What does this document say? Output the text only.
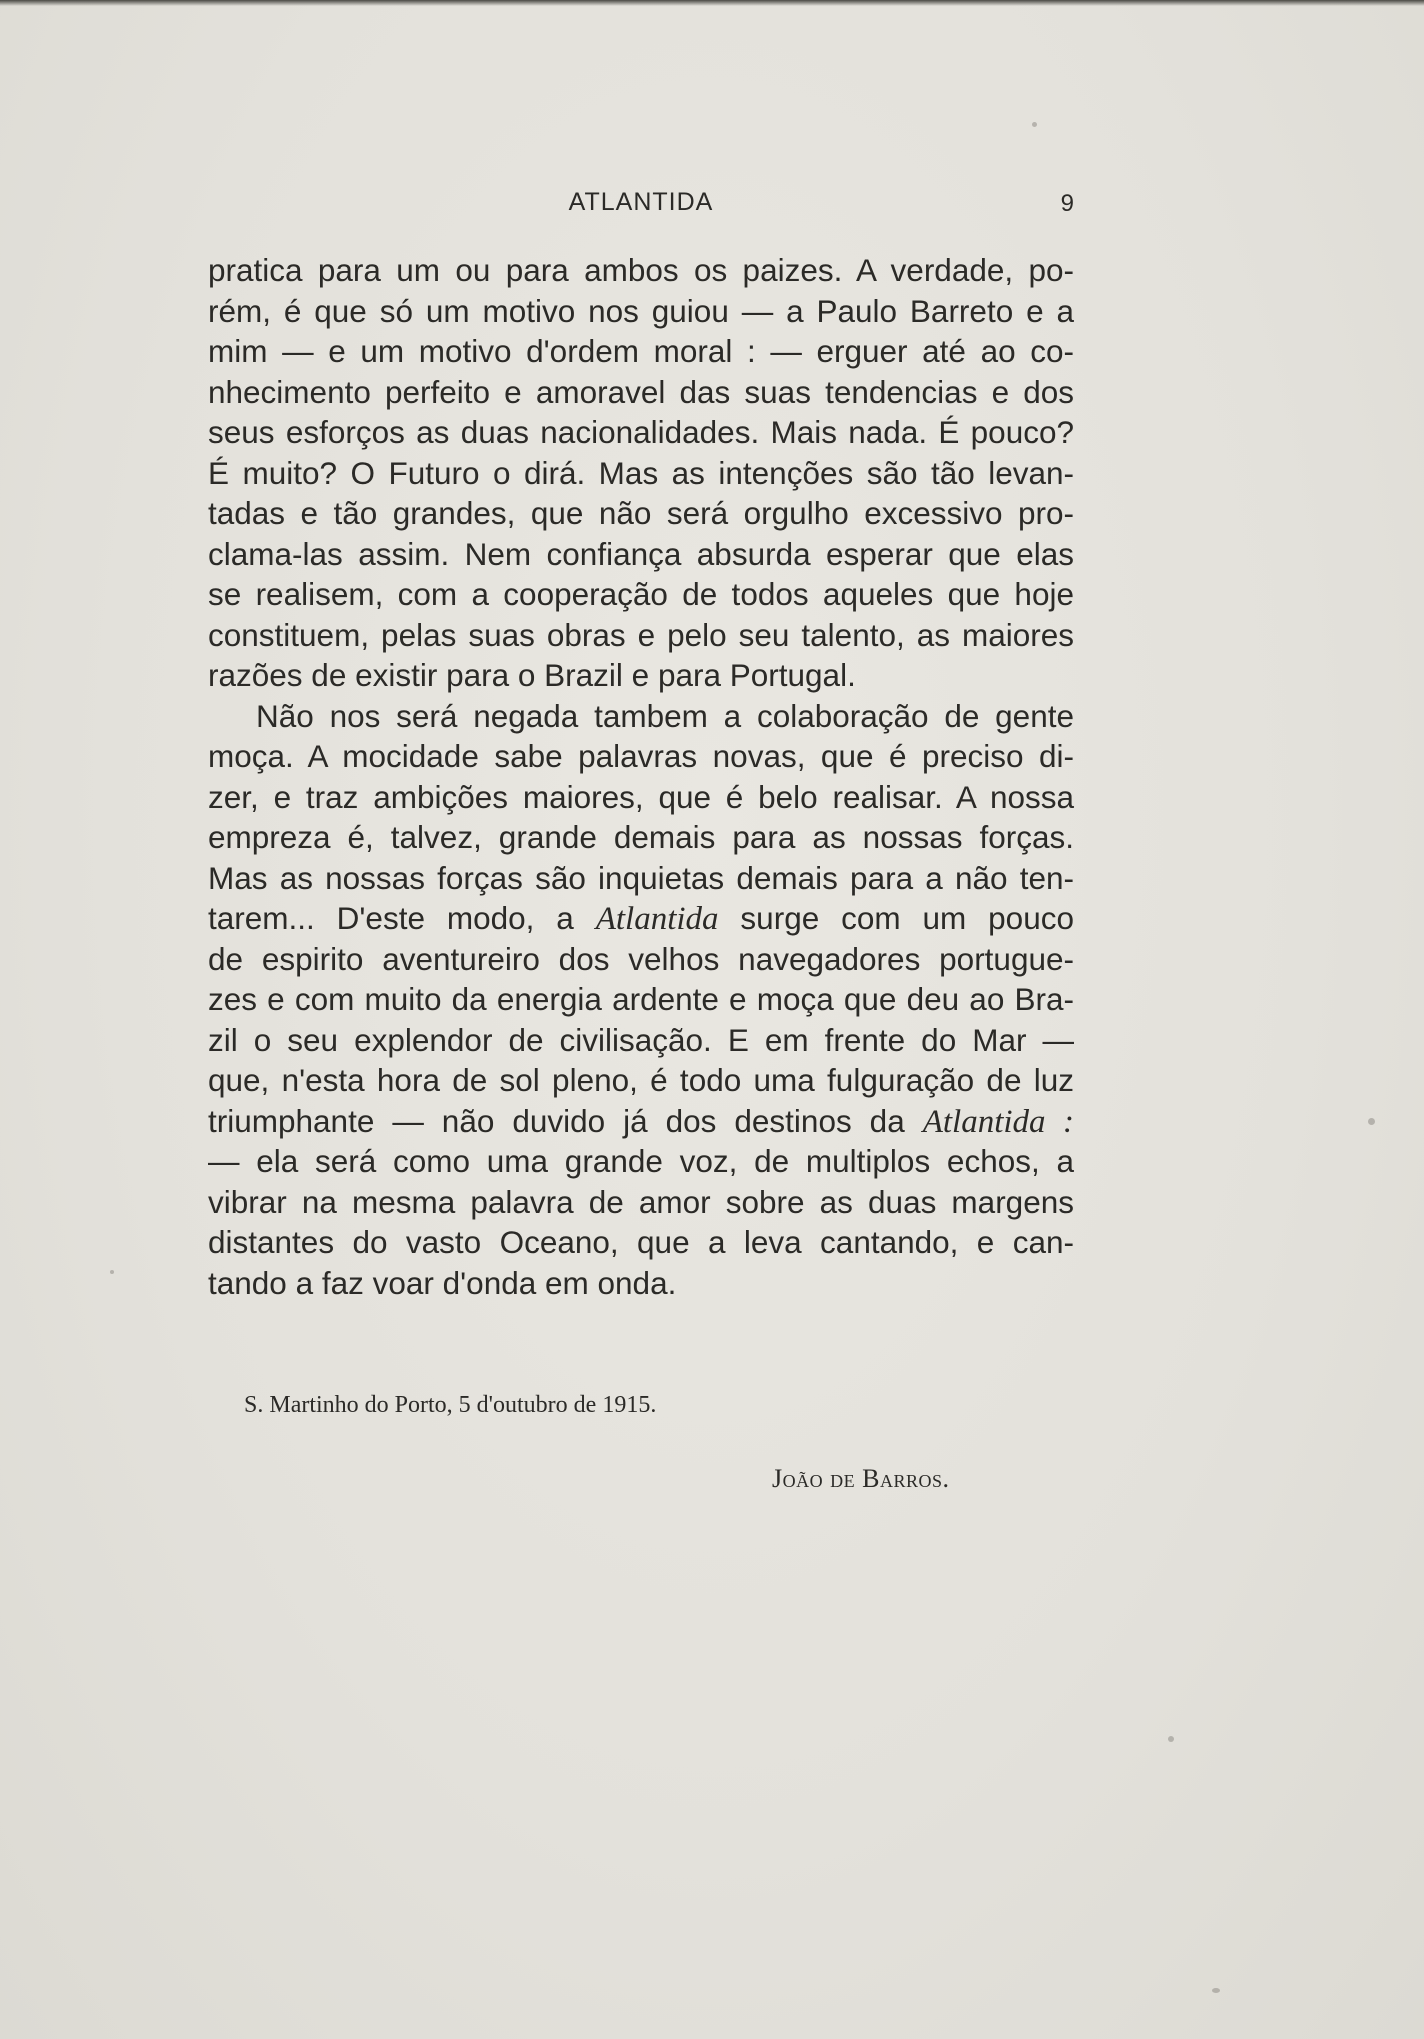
ATLANTIDA	9
pratica para um ou para ambos os paizes. A verdade, po-
rém, é que só um motivo nos guiou — a Paulo Barreto e a
mim — e um motivo d'ordem moral : — erguer até ao co-
nhecimento perfeito e amoravel das suas tendencias e dos
seus esforços as duas nacionalidades. Mais nada. É pouco?
É muito? O Futuro o dirá. Mas as intenções são tão levan-
tadas e tão grandes, que não será orgulho excessivo pro-
clama-las assim. Nem confiança absurda esperar que elas
se realisem, com a cooperação de todos aqueles que hoje
constituem, pelas suas obras e pelo seu talento, as maiores
razões de existir para o Brazil e para Portugal.
Não nos será negada tambem a colaboração de gente
moça. A mocidade sabe palavras novas, que é preciso di-
zer, e traz ambições maiores, que é belo realisar. A nossa
empreza é, talvez, grande demais para as nossas forças.
Mas as nossas forças são inquietas demais para a não ten-
tarem... D'este modo, a Atlantida surge com um pouco
de espirito aventureiro dos velhos navegadores portugue-
zes e com muito da energia ardente e moça que deu ao Bra-
zil o seu explendor de civilisação. E em frente do Mar —
que, n'esta hora de sol pleno, é todo uma fulguração de luz
triumphante — não duvido já dos destinos da Atlantida :
— ela será como uma grande voz, de multiplos echos, a
vibrar na mesma palavra de amor sobre as duas margens
distantes do vasto Oceano, que a leva cantando, e can-
tando a faz voar d'onda em onda.
S. Martinho do Porto, 5 d'outubro de 1915.
João de Barros.
